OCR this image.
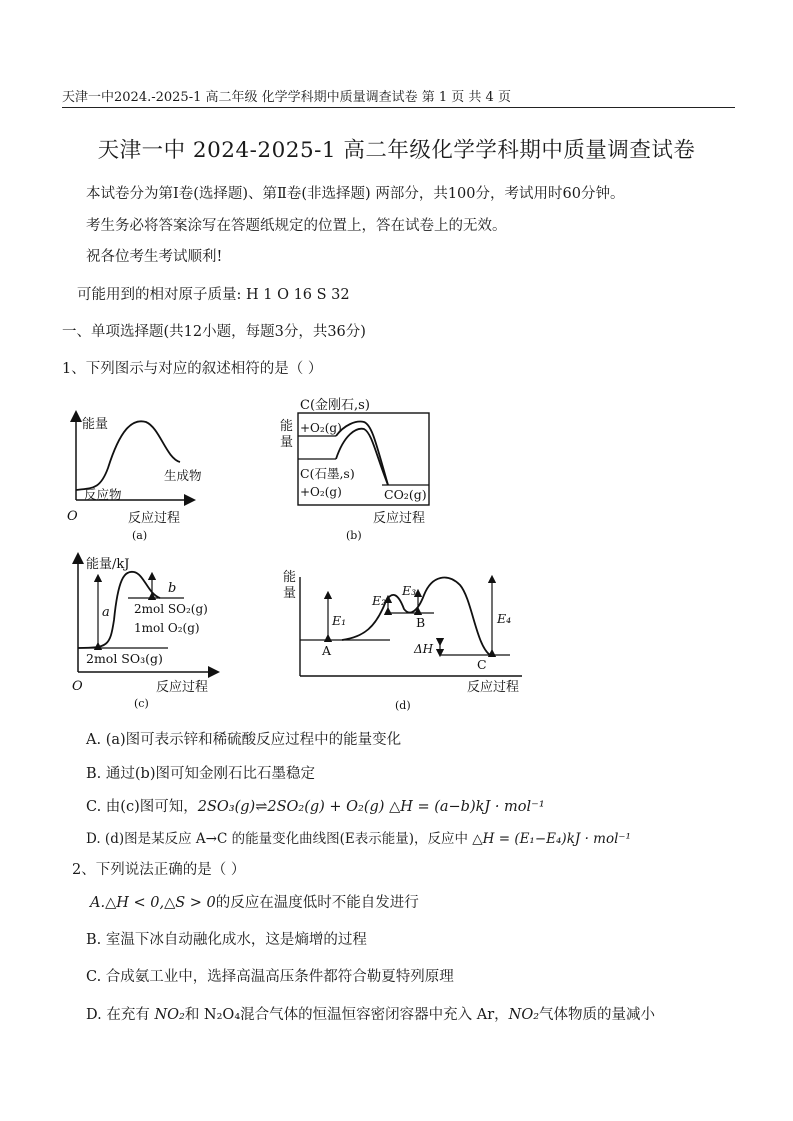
天津一中2024.-2025-1 高二年级 化学学科期中质量调查试卷 第 1 页 共 4 页
天津一中 2024-2025-1 高二年级化学学科期中质量调查试卷
本试卷分为第Ⅰ卷(选择题)、第Ⅱ卷(非选择题) 两部分，共100分，考试用时60分钟。
考生务必将答案涂写在答题纸规定的位置上，答在试卷上的无效。
祝各位考生考试顺利!
可能用到的相对原子质量: H 1 O 16 S 32
一、单项选择题(共12小题，每题3分，共36分)
1、下列图示与对应的叙述相符的是（ ）
能量
反应物
生成物
O	反应过程
(a)
C(金刚石,s)
能
量
+O₂(g)
C(石墨,s)
+O₂(g)	CO₂(g)
反应过程
(b)
能量/kJ
a
b
2mol SO₂(g)
1mol O₂(g)
2mol SO₃(g)
O	反应过程
(c)
能
量
E₁
E₂
E₃
E₄
A
B
C
ΔH
反应过程
(d)
A. (a)图可表示锌和稀硫酸反应过程中的能量变化
B. 通过(b)图可知金刚石比石墨稳定
C. 由(c)图可知，2SO₃(g)⇌2SO₂(g) + O₂(g) △H = (a−b)kJ · mol⁻¹
D. (d)图是某反应 A→C 的能量变化曲线图(E表示能量)，反应中 △H = (E₁−E₄)kJ · mol⁻¹
2、下列说法正确的是（ ）
A.△H < 0,△S > 0的反应在温度低时不能自发进行
B. 室温下冰自动融化成水，这是熵增的过程
C. 合成氨工业中，选择高温高压条件都符合勒夏特列原理
D. 在充有 NO₂和 N₂O₄混合气体的恒温恒容密闭容器中充入 Ar，NO₂气体物质的量减小
